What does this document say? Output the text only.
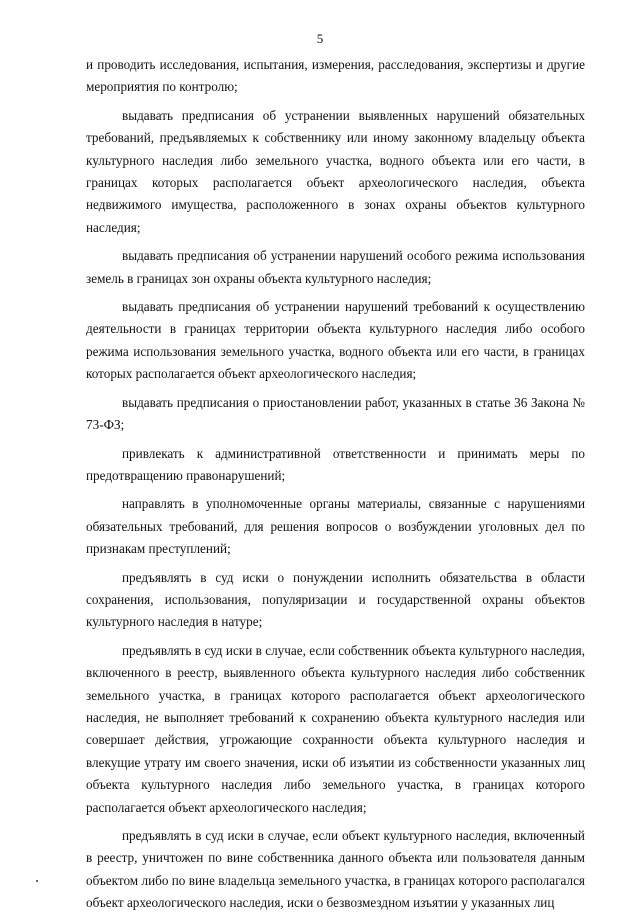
5

и проводить исследования, испытания, измерения, расследования, экспертизы и другие мероприятия по контролю;

выдавать предписания об устранении выявленных нарушений обязательных требований, предъявляемых к собственнику или иному законному владельцу объекта культурного наследия либо земельного участка, водного объекта или его части, в границах которых располагается объект археологического наследия, объекта недвижимого имущества, расположенного в зонах охраны объектов культурного наследия;

выдавать предписания об устранении нарушений особого режима использования земель в границах зон охраны объекта культурного наследия;

выдавать предписания об устранении нарушений требований к осуществлению деятельности в границах территории объекта культурного наследия либо особого режима использования земельного участка, водного объекта или его части, в границах которых располагается объект археологического наследия;

выдавать предписания о приостановлении работ, указанных в статье 36 Закона № 73-ФЗ;

привлекать к административной ответственности и принимать меры по предотвращению правонарушений;

направлять в уполномоченные органы материалы, связанные с нарушениями обязательных требований, для решения вопросов о возбуждении уголовных дел по признакам преступлений;

предъявлять в суд иски о понуждении исполнить обязательства в области сохранения, использования, популяризации и государственной охраны объектов культурного наследия в натуре;

предъявлять в суд иски в случае, если собственник объекта культурного наследия, включенного в реестр, выявленного объекта культурного наследия либо собственник земельного участка, в границах которого располагается объект археологического наследия, не выполняет требований к сохранению объекта культурного наследия или совершает действия, угрожающие сохранности объекта культурного наследия и влекущие утрату им своего значения, иски об изъятии из собственности указанных лиц объекта культурного наследия либо земельного участка, в границах которого располагается объект археологического наследия;

предъявлять в суд иски в случае, если объект культурного наследия, включенный в реестр, уничтожен по вине собственника данного объекта или пользователя данным объектом либо по вине владельца земельного участка, в границах которого располагался объект археологического наследия, иски о безвозмездном изъятии у указанных лиц
